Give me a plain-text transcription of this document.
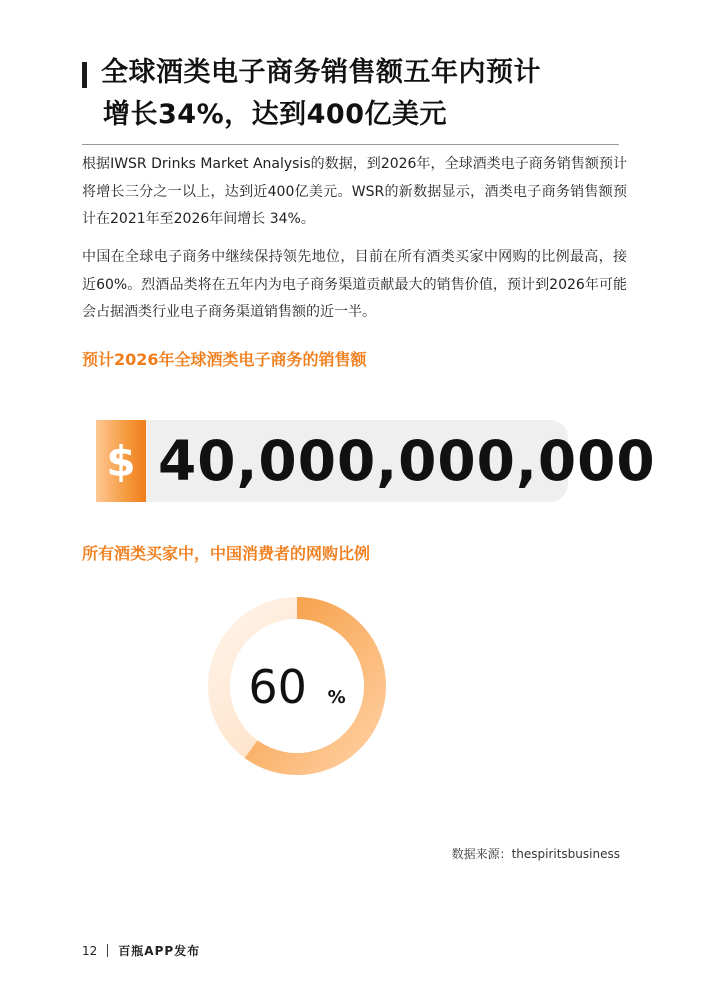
全球酒类电子商务销售额五年内预计
增长34%，达到400亿美元

根据IWSR Drinks Market Analysis的数据，到2026年，全球酒类电子商务销售额预计将增长三分之一以上，达到近400亿美元。WSR的新数据显示，酒类电子商务销售额预计在2021年至2026年间增长 34%。

中国在全球电子商务中继续保持领先地位，目前在所有酒类买家中网购的比例最高，接近60%。烈酒品类将在五年内为电子商务渠道贡献最大的销售价值，预计到2026年可能会占据酒类行业电子商务渠道销售额的近一半。

预计2026年全球酒类电子商务的销售额
$ 40,000,000,000
所有酒类买家中，中国消费者的网购比例
60 %
数据来源：thespiritsbusiness
12 百瓶APP发布
